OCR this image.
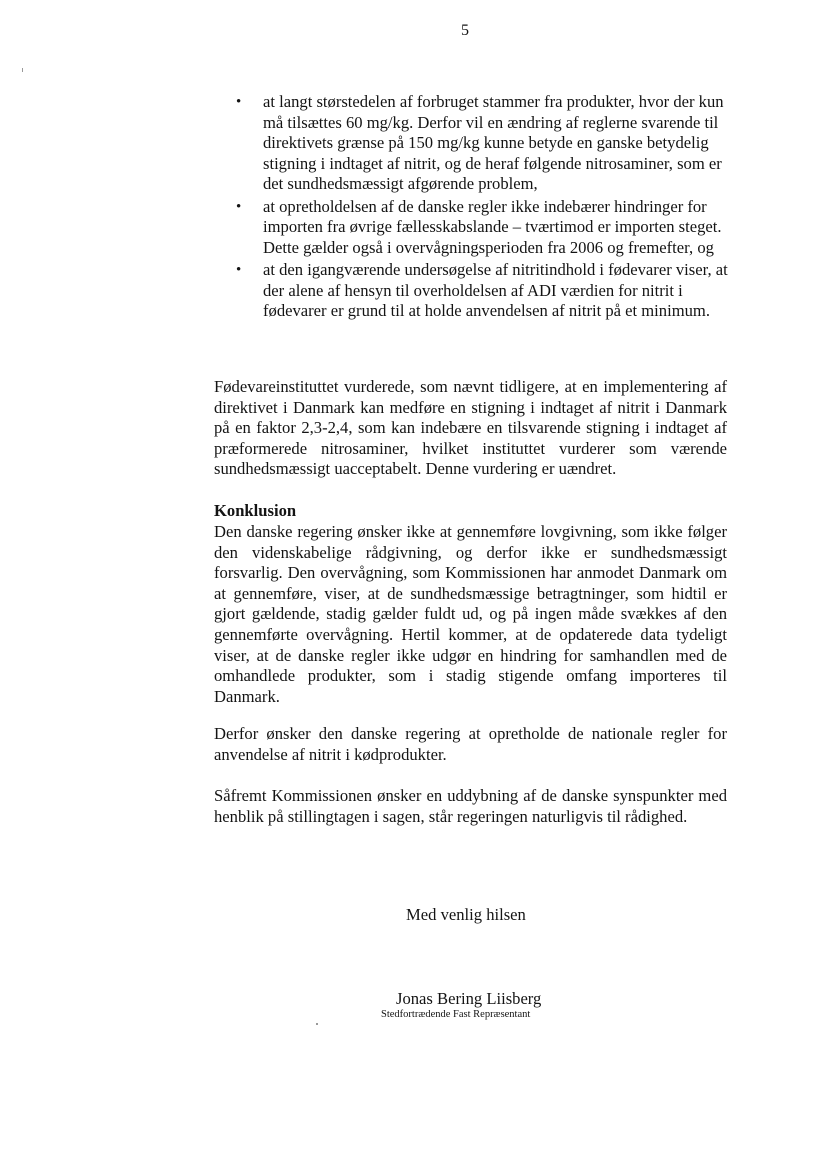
5
• at langt størstedelen af forbruget stammer fra produkter, hvor der kun må tilsættes 60 mg/kg. Derfor vil en ændring af reglerne svarende til direktivets grænse på 150 mg/kg kunne betyde en ganske betydelig stigning i indtaget af nitrit, og de heraf følgende nitrosaminer, som er det sundhedsmæssigt afgørende problem,
• at opretholdelsen af de danske regler ikke indebærer hindringer for importen fra øvrige fællesskabslande – tværtimod er importen steget. Dette gælder også i overvågningsperioden fra 2006 og fremefter, og
• at den igangværende undersøgelse af nitritindhold i fødevarer viser, at der alene af hensyn til overholdelsen af ADI værdien for nitrit i fødevarer er grund til at holde anvendelsen af nitrit på et minimum.

Fødevareinstituttet vurderede, som nævnt tidligere, at en implementering af direktivet i Danmark kan medføre en stigning i indtaget af nitrit i Danmark på en faktor 2,3-2,4, som kan indebære en tilsvarende stigning i indtaget af præformerede nitrosaminer, hvilket instituttet vurderer som værende sundhedsmæssigt uacceptabelt. Denne vurdering er uændret.

Konklusion

Den danske regering ønsker ikke at gennemføre lovgivning, som ikke følger den videnskabelige rådgivning, og derfor ikke er sundhedsmæssigt forsvarlig. Den overvågning, som Kommissionen har anmodet Danmark om at gennemføre, viser, at de sundhedsmæssige betragtninger, som hidtil er gjort gældende, stadig gælder fuldt ud, og på ingen måde svækkes af den gennemførte overvågning. Hertil kommer, at de opdaterede data tydeligt viser, at de danske regler ikke udgør en hindring for samhandlen med de omhandlede produkter, som i stadig stigende omfang importeres til Danmark.

Derfor ønsker den danske regering at opretholde de nationale regler for anvendelse af nitrit i kødprodukter.

Såfremt Kommissionen ønsker en uddybning af de danske synspunkter med henblik på stillingtagen i sagen, står regeringen naturligvis til rådighed.

Med venlig hilsen
Jonas Bering Liisberg
Stedfortrædende Fast Repræsentant
